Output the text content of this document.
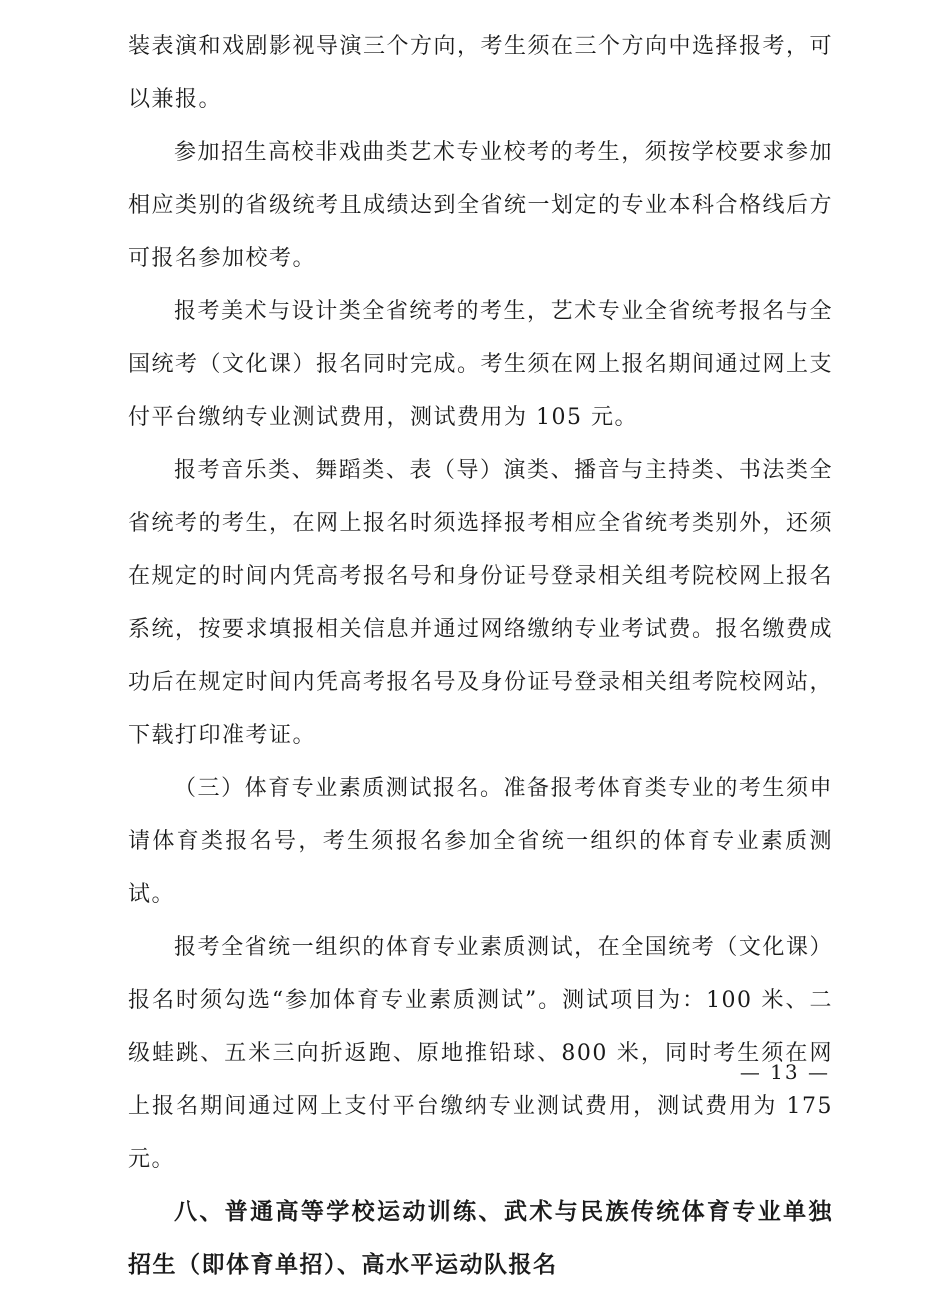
装表演和戏剧影视导演三个方向，考生须在三个方向中选择报考，可以兼报。

参加招生高校非戏曲类艺术专业校考的考生，须按学校要求参加相应类别的省级统考且成绩达到全省统一划定的专业本科合格线后方可报名参加校考。

报考美术与设计类全省统考的考生，艺术专业全省统考报名与全国统考（文化课）报名同时完成。考生须在网上报名期间通过网上支付平台缴纳专业测试费用，测试费用为 105 元。

报考音乐类、舞蹈类、表（导）演类、播音与主持类、书法类全省统考的考生，在网上报名时须选择报考相应全省统考类别外，还须在规定的时间内凭高考报名号和身份证号登录相关组考院校网上报名系统，按要求填报相关信息并通过网络缴纳专业考试费。报名缴费成功后在规定时间内凭高考报名号及身份证号登录相关组考院校网站，下载打印准考证。

（三）体育专业素质测试报名。准备报考体育类专业的考生须申请体育类报名号，考生须报名参加全省统一组织的体育专业素质测试。

报考全省统一组织的体育专业素质测试，在全国统考（文化课）报名时须勾选“参加体育专业素质测试”。测试项目为：100 米、二级蛙跳、五米三向折返跑、原地推铅球、800 米，同时考生须在网上报名期间通过网上支付平台缴纳专业测试费用，测试费用为 175 元。

八、普通高等学校运动训练、武术与民族传统体育专业单独招生（即体育单招）、高水平运动队报名

— 13 —
